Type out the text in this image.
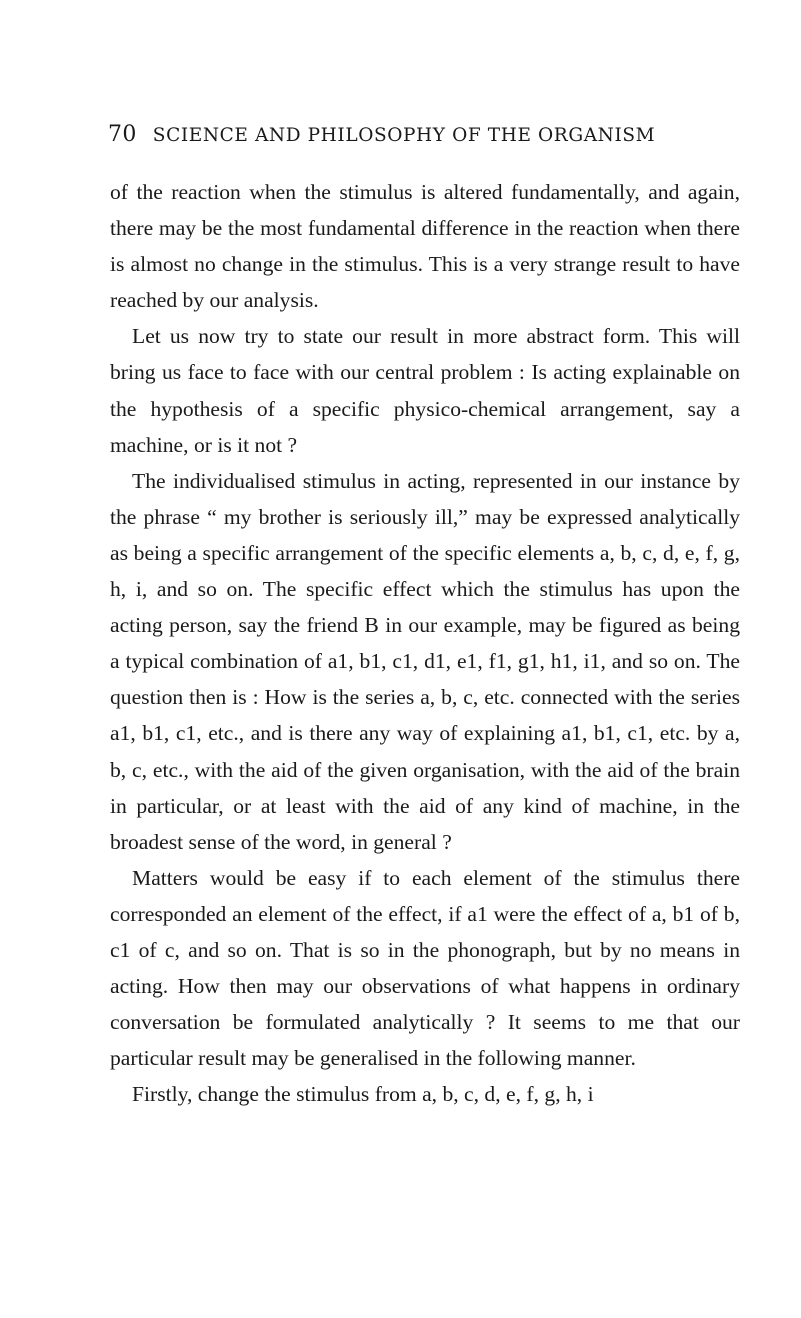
70 SCIENCE AND PHILOSOPHY OF THE ORGANISM

of the reaction when the stimulus is altered fundamentally, and again, there may be the most fundamental difference in the reaction when there is almost no change in the stimulus. This is a very strange result to have reached by our analysis.

Let us now try to state our result in more abstract form. This will bring us face to face with our central problem : Is acting explainable on the hypothesis of a specific physico-chemical arrangement, say a machine, or is it not ?

The individualised stimulus in acting, represented in our instance by the phrase “ my brother is seriously ill,” may be expressed analytically as being a specific arrangement of the specific elements a, b, c, d, e, f, g, h, i, and so on. The specific effect which the stimulus has upon the acting person, say the friend B in our example, may be figured as being a typical combination of a1, b1, c1, d1, e1, f1, g1, h1, i1, and so on. The question then is : How is the series a, b, c, etc. connected with the series a1, b1, c1, etc., and is there any way of explaining a1, b1, c1, etc. by a, b, c, etc., with the aid of the given organisation, with the aid of the brain in particular, or at least with the aid of any kind of machine, in the broadest sense of the word, in general ?

Matters would be easy if to each element of the stimulus there corresponded an element of the effect, if a1 were the effect of a, b1 of b, c1 of c, and so on. That is so in the phonograph, but by no means in acting. How then may our observations of what happens in ordinary conversation be formulated analytically ? It seems to me that our particular result may be generalised in the following manner.

Firstly, change the stimulus from a, b, c, d, e, f, g, h, i
